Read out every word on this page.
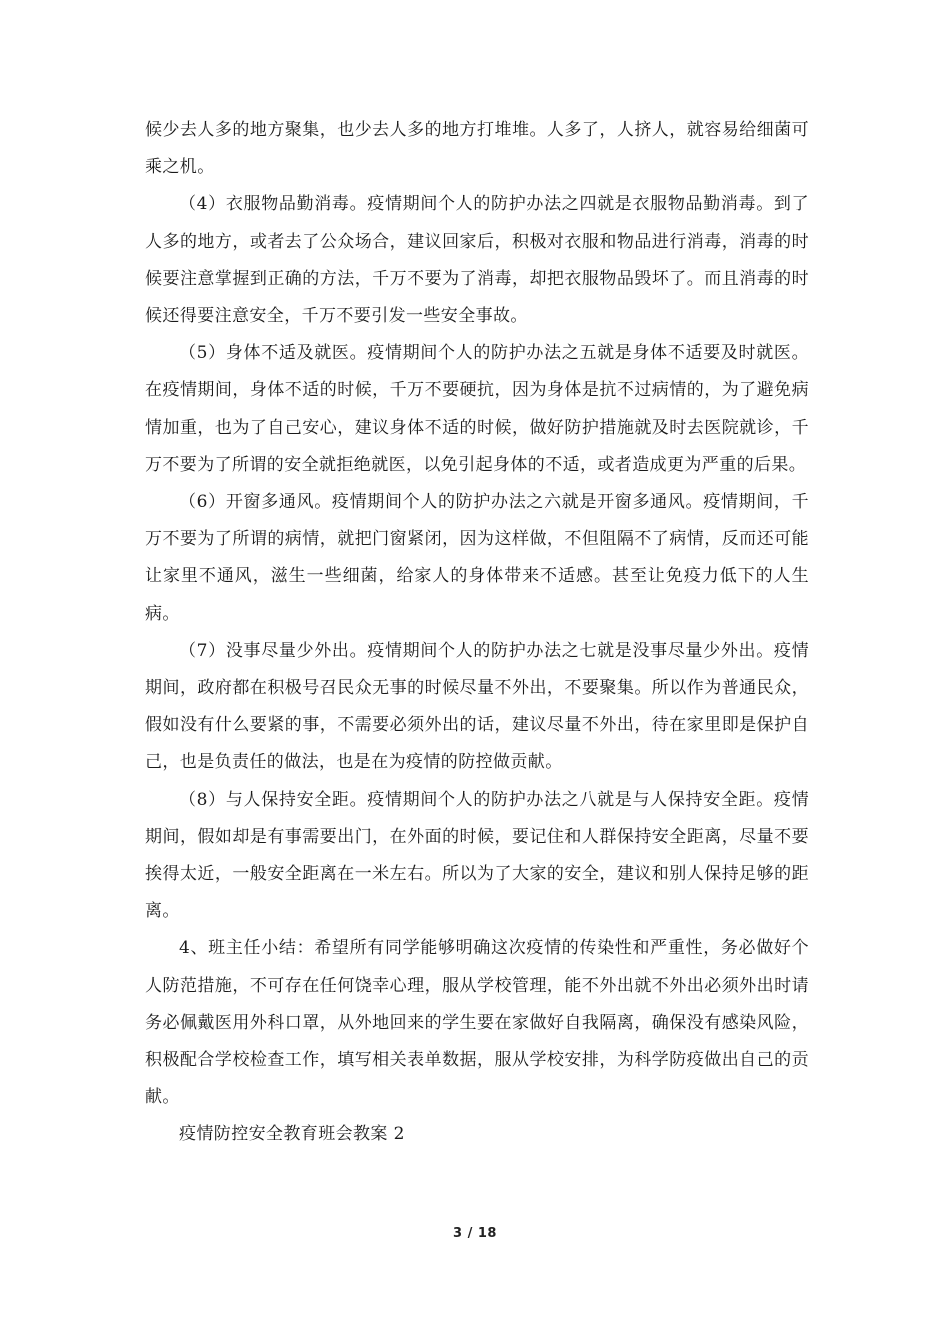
候少去人多的地方聚集，也少去人多的地方打堆堆。人多了，人挤人，就容易给细菌可乘之机。

（4）衣服物品勤消毒。疫情期间个人的防护办法之四就是衣服物品勤消毒。到了人多的地方，或者去了公众场合，建议回家后，积极对衣服和物品进行消毒，消毒的时候要注意掌握到正确的方法，千万不要为了消毒，却把衣服物品毁坏了。而且消毒的时候还得要注意安全，千万不要引发一些安全事故。

（5）身体不适及就医。疫情期间个人的防护办法之五就是身体不适要及时就医。在疫情期间，身体不适的时候，千万不要硬抗，因为身体是抗不过病情的，为了避免病情加重，也为了自己安心，建议身体不适的时候，做好防护措施就及时去医院就诊，千万不要为了所谓的安全就拒绝就医，以免引起身体的不适，或者造成更为严重的后果。

（6）开窗多通风。疫情期间个人的防护办法之六就是开窗多通风。疫情期间，千万不要为了所谓的病情，就把门窗紧闭，因为这样做，不但阻隔不了病情，反而还可能让家里不通风，滋生一些细菌，给家人的身体带来不适感。甚至让免疫力低下的人生病。

（7）没事尽量少外出。疫情期间个人的防护办法之七就是没事尽量少外出。疫情期间，政府都在积极号召民众无事的时候尽量不外出，不要聚集。所以作为普通民众，假如没有什么要紧的事，不需要必须外出的话，建议尽量不外出，待在家里即是保护自己，也是负责任的做法，也是在为疫情的防控做贡献。

（8）与人保持安全距。疫情期间个人的防护办法之八就是与人保持安全距。疫情期间，假如却是有事需要出门，在外面的时候，要记住和人群保持安全距离，尽量不要挨得太近，一般安全距离在一米左右。所以为了大家的安全，建议和别人保持足够的距离。

4、班主任小结：希望所有同学能够明确这次疫情的传染性和严重性，务必做好个人防范措施，不可存在任何饶幸心理，服从学校管理，能不外出就不外出必须外出时请务必佩戴医用外科口罩，从外地回来的学生要在家做好自我隔离，确保没有感染风险，积极配合学校检查工作，填写相关表单数据，服从学校安排，为科学防疫做出自己的贡献。

疫情防控安全教育班会教案 2

3 / 18
